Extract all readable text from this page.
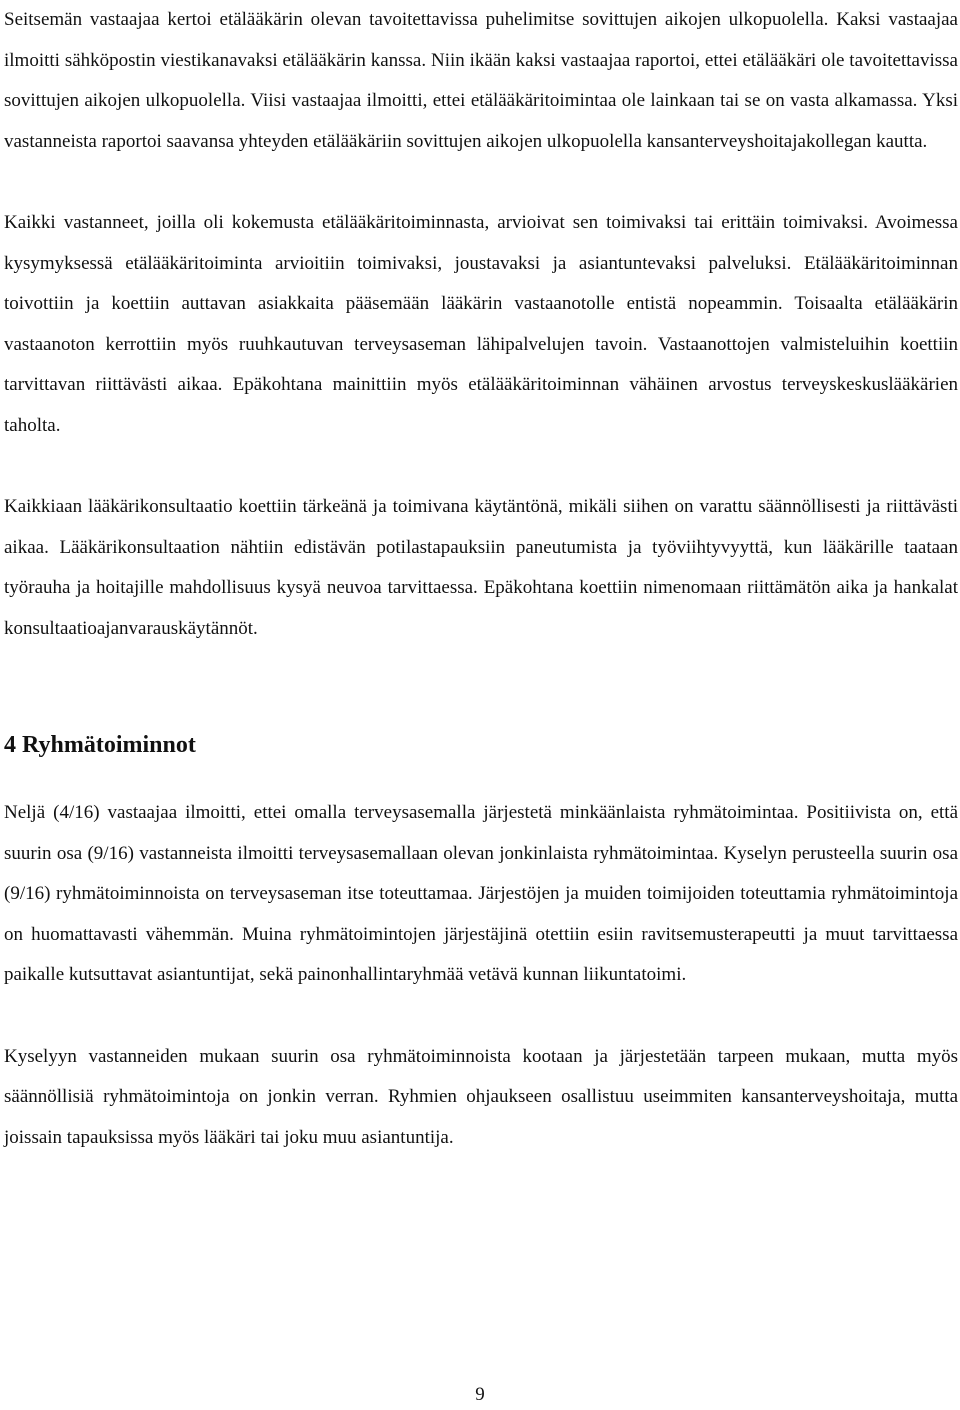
Seitsemän vastaajaa kertoi etälääkärin olevan tavoitettavissa puhelimitse sovittujen aikojen ulkopuolella. Kaksi vastaajaa ilmoitti sähköpostin viestikanavaksi etälääkärin kanssa. Niin ikään kaksi vastaajaa raportoi, ettei etälääkäri ole tavoitettavissa sovittujen aikojen ulkopuolella. Viisi vastaajaa ilmoitti, ettei etälääkäritoimintaa ole lainkaan tai se on vasta alkamassa. Yksi vastanneista raportoi saavansa yhteyden etälääkäriin sovittujen aikojen ulkopuolella kansanterveyshoitajakollegan kautta.

Kaikki vastanneet, joilla oli kokemusta etälääkäritoiminnasta, arvioivat sen toimivaksi tai erittäin toimivaksi. Avoimessa kysymyksessä etälääkäritoiminta arvioitiin toimivaksi, joustavaksi ja asiantuntevaksi palveluksi. Etälääkäritoiminnan toivottiin ja koettiin auttavan asiakkaita pääsemään lääkärin vastaanotolle entistä nopeammin. Toisaalta etälääkärin vastaanoton kerrottiin myös ruuhkautuvan terveysaseman lähipalvelujen tavoin. Vastaanottojen valmisteluihin koettiin tarvittavan riittävästi aikaa. Epäkohtana mainittiin myös etälääkäritoiminnan vähäinen arvostus terveyskeskuslääkärien taholta.

Kaikkiaan lääkärikonsultaatio koettiin tärkeänä ja toimivana käytäntönä, mikäli siihen on varattu säännöllisesti ja riittävästi aikaa. Lääkärikonsultaation nähtiin edistävän potilastapauksiin paneutumista ja työviihtyvyyttä, kun lääkärille taataan työrauha ja hoitajille mahdollisuus kysyä neuvoa tarvittaessa. Epäkohtana koettiin nimenomaan riittämätön aika ja hankalat konsultaatioajanvarauskäytännöt.

4 Ryhmätoiminnot

Neljä (4/16) vastaajaa ilmoitti, ettei omalla terveysasemalla järjestetä minkäänlaista ryhmätoimintaa. Positiivista on, että suurin osa (9/16) vastanneista ilmoitti terveysasemallaan olevan jonkinlaista ryhmätoimintaa. Kyselyn perusteella suurin osa (9/16) ryhmätoiminnoista on terveysaseman itse toteuttamaa. Järjestöjen ja muiden toimijoiden toteuttamia ryhmätoimintoja on huomattavasti vähemmän. Muina ryhmätoimintojen järjestäjinä otettiin esiin ravitsemusterapeutti ja muut tarvittaessa paikalle kutsuttavat asiantuntijat, sekä painonhallintaryhmää vetävä kunnan liikuntatoimi.

Kyselyyn vastanneiden mukaan suurin osa ryhmätoiminnoista kootaan ja järjestetään tarpeen mukaan, mutta myös säännöllisiä ryhmätoimintoja on jonkin verran. Ryhmien ohjaukseen osallistuu useimmiten kansanterveyshoitaja, mutta joissain tapauksissa myös lääkäri tai joku muu asiantuntija.

9
